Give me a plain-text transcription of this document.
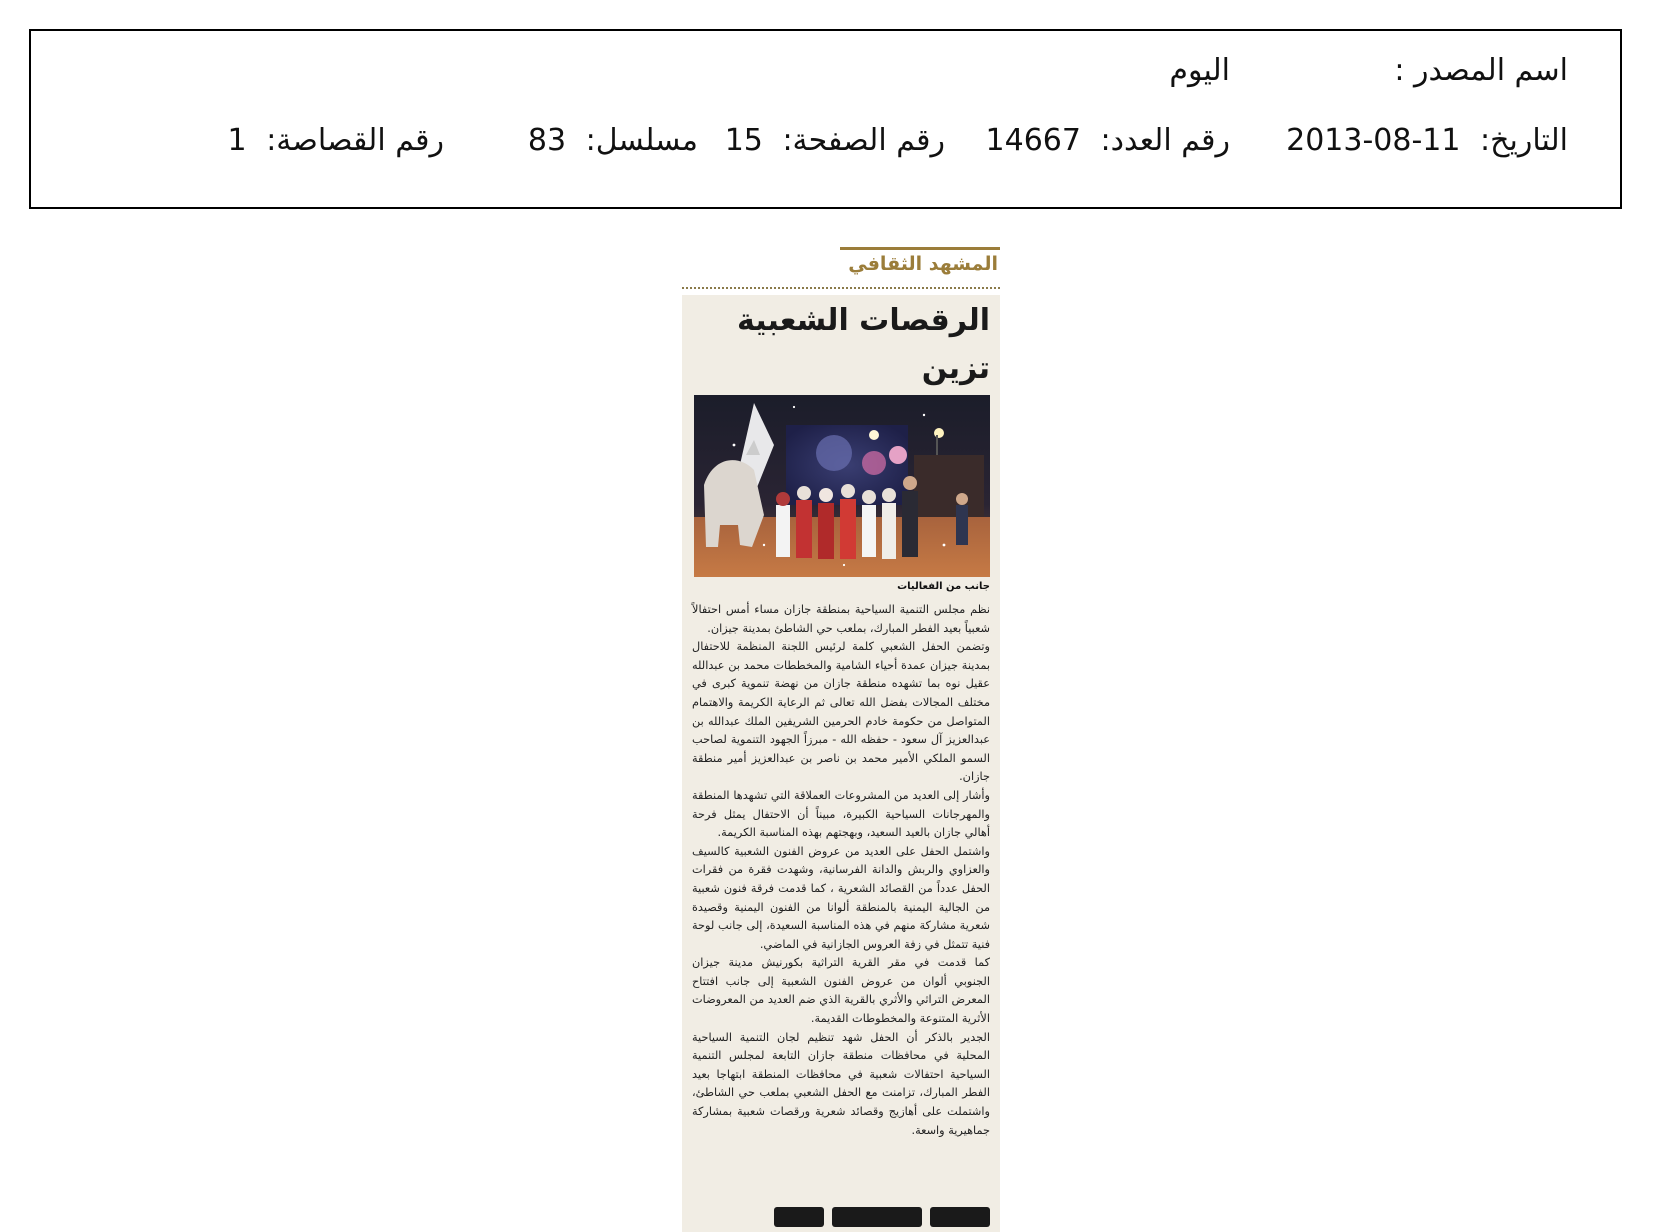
اسم المصدر :
اليوم
التاريخ: 2013-08-11
رقم العدد: 14667
رقم الصفحة: 15
مسلسل: 83
رقم القصاصة: 1
المشهد الثقافي
الرقصات الشعبية تزين
جانب من الفعاليات

نظم مجلس التنمية السياحية بمنطقة جازان مساء أمس احتفالاً شعبياً بعيد الفطر المبارك، بملعب حي الشاطئ بمدينة جيزان.

وتضمن الحفل الشعبي كلمة لرئيس اللجنة المنظمة للاحتفال بمدينة جيزان عمدة أحياء الشامية والمخططات محمد بن عبدالله عقيل نوه بما تشهده منطقة جازان من نهضة تنموية كبرى في مختلف المجالات بفضل الله تعالى ثم الرعاية الكريمة والاهتمام المتواصل من حكومة خادم الحرمين الشريفين الملك عبدالله بن عبدالعزيز آل سعود - حفظه الله - مبرزاً الجهود التنموية لصاحب السمو الملكي الأمير محمد بن ناصر بن عبدالعزيز أمير منطقة جازان.

وأشار إلى العديد من المشروعات العملاقة التي تشهدها المنطقة والمهرجانات السياحية الكبيرة، مبيناً أن الاحتفال يمثل فرحة أهالي جازان بالعيد السعيد، وبهجتهم بهذه المناسبة الكريمة.

واشتمل الحفل على العديد من عروض الفنون الشعبية كالسيف والعزاوي والربش والدانة الفرسانية، وشهدت فقرة من فقرات الحفل عدداً من القصائد الشعرية ، كما قدمت فرقة فنون شعبية من الجالية اليمنية بالمنطقة ألوانا من الفنون اليمنية وقصيدة شعرية مشاركة منهم في هذه المناسبة السعيدة، إلى جانب لوحة فنية تتمثل في زفة العروس الجازانية في الماضي.

كما قدمت في مقر القرية التراثية بكورنيش مدينة جيزان الجنوبي ألوان من عروض الفنون الشعبية إلى جانب افتتاح المعرض التراثي والأثري بالقرية الذي ضم العديد من المعروضات الأثرية المتنوعة والمخطوطات القديمة.

الجدير بالذكر أن الحفل شهد تنظيم لجان التنمية السياحية المحلية في محافظات منطقة جازان التابعة لمجلس التنمية السياحية احتفالات شعبية في محافظات المنطقة ابتهاجا بعيد الفطر المبارك، تزامنت مع الحفل الشعبي بملعب حي الشاطئ، واشتملت على أهازيج وقصائد شعرية ورقصات شعبية بمشاركة جماهيرية واسعة.
